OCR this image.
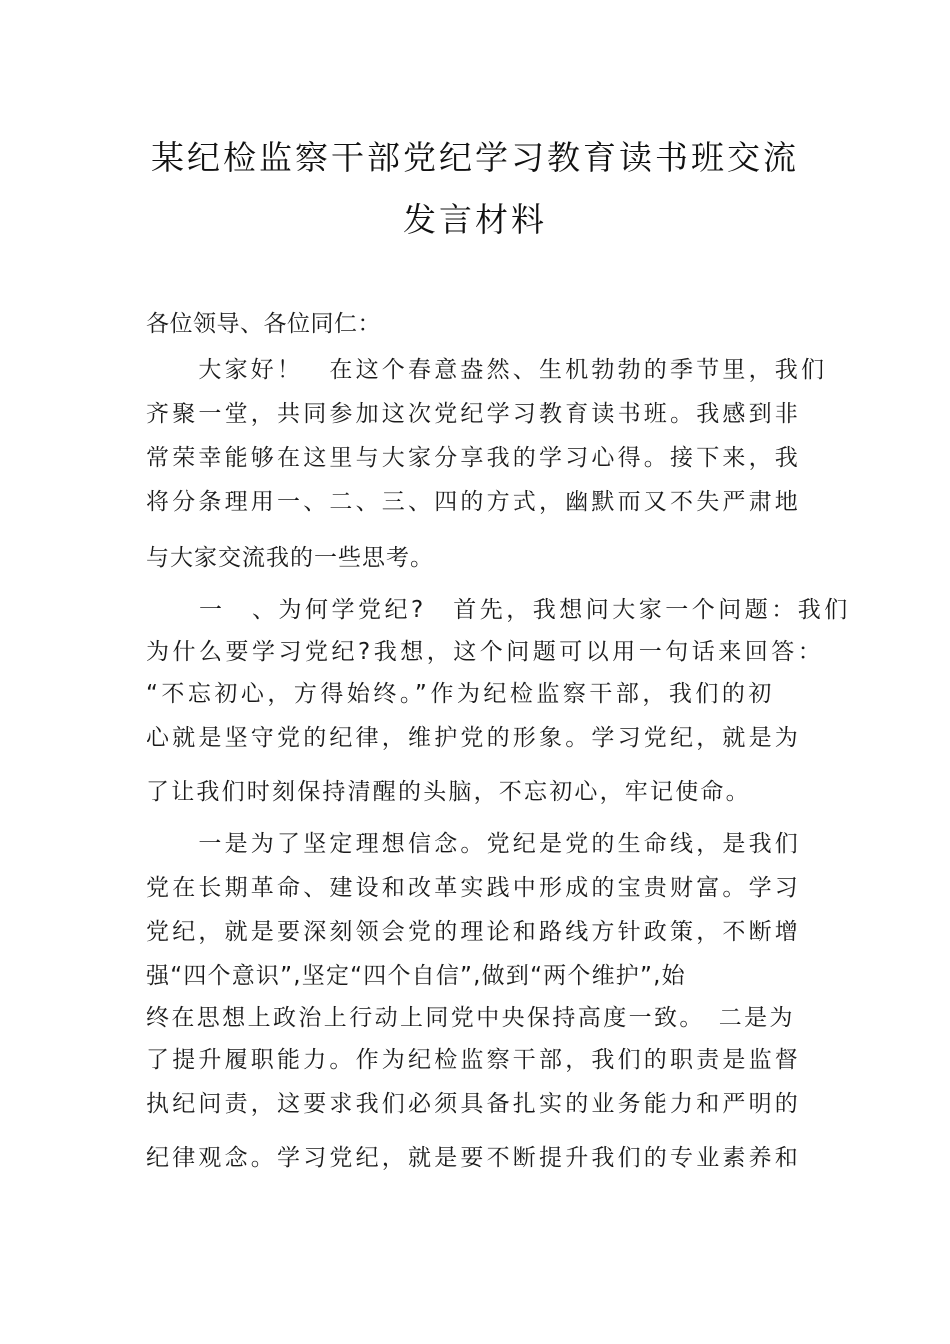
某纪检监察干部党纪学习教育读书班交流
发言材料
各位领导、各位同仁：
　　大家好！　在这个春意盎然、生机勃勃的季节里，我们
齐聚一堂，共同参加这次党纪学习教育读书班。我感到非
常荣幸能够在这里与大家分享我的学习心得。接下来，我
将分条理用一、二、三、四的方式，幽默而又不失严肃地
与大家交流我的一些思考。
　　一　、为何学党纪?　首先，我想问大家一个问题：我们
为什么要学习党纪?我想，这个问题可以用一句话来回答：
“不忘初心，方得始终。”作为纪检监察干部，我们的初
心就是坚守党的纪律，维护党的形象。学习党纪，就是为
了让我们时刻保持清醒的头脑，不忘初心，牢记使命。
　　一是为了坚定理想信念。党纪是党的生命线，是我们
党在长期革命、建设和改革实践中形成的宝贵财富。学习
党纪，就是要深刻领会党的理论和路线方针政策，不断增
强“四个意识”,坚定“四个自信”,做到“两个维护”,始
终在思想上政治上行动上同党中央保持高度一致。　二是为
了提升履职能力。作为纪检监察干部，我们的职责是监督
执纪问责，这要求我们必须具备扎实的业务能力和严明的
纪律观念。学习党纪，就是要不断提升我们的专业素养和
